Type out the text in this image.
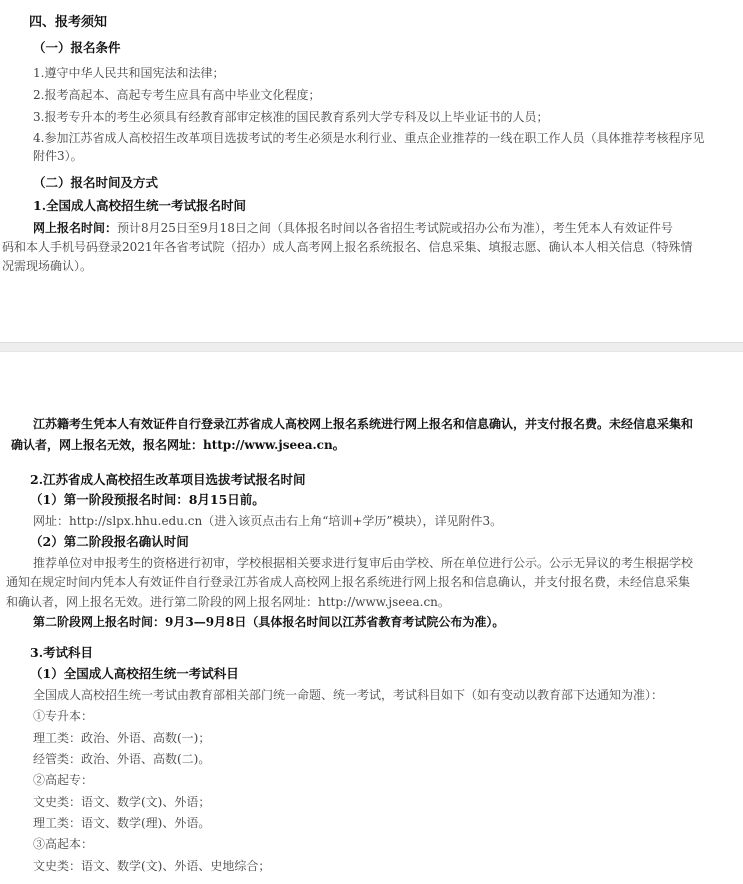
四、报考须知
（一）报名条件
1.遵守中华人民共和国宪法和法律；
2.报考高起本、高起专考生应具有高中毕业文化程度；
3.报考专升本的考生必须具有经教育部审定核准的国民教育系列大学专科及以上毕业证书的人员；
4.参加江苏省成人高校招生改革项目选拔考试的考生必须是水利行业、重点企业推荐的一线在职工作人员（具体推荐考核程序见
附件3）。
（二）报名时间及方式
1.全国成人高校招生统一考试报名时间
网上报名时间：预计8月25日至9月18日之间（具体报名时间以各省招生考试院或招办公布为准），考生凭本人有效证件号
码和本人手机号码登录2021年各省考试院（招办）成人高考网上报名系统报名、信息采集、填报志愿、确认本人相关信息（特殊情
况需现场确认）。
江苏籍考生凭本人有效证件自行登录江苏省成人高校网上报名系统进行网上报名和信息确认，并支付报名费。未经信息采集和
确认者，网上报名无效，报名网址：http://www.jseea.cn。
2.江苏省成人高校招生改革项目选拔考试报名时间
（1）第一阶段预报名时间：8月15日前。
网址：http://slpx.hhu.edu.cn（进入该页点击右上角“培训+学历”模块），详见附件3。
（2）第二阶段报名确认时间
推荐单位对申报考生的资格进行初审，学校根据相关要求进行复审后由学校、所在单位进行公示。公示无异议的考生根据学校
通知在规定时间内凭本人有效证件自行登录江苏省成人高校网上报名系统进行网上报名和信息确认，并支付报名费，未经信息采集
和确认者，网上报名无效。进行第二阶段的网上报名网址：http://www.jseea.cn。
第二阶段网上报名时间：9月3—9月8日（具体报名时间以江苏省教育考试院公布为准）。
3.考试科目
（1）全国成人高校招生统一考试科目
全国成人高校招生统一考试由教育部相关部门统一命题、统一考试，考试科目如下（如有变动以教育部下达通知为准）：
①专升本：
理工类：政治、外语、高数(一)；
经管类：政治、外语、高数(二)。
②高起专：
文史类：语文、数学(文)、外语；
理工类：语文、数学(理)、外语。
③高起本：
文史类：语文、数学(文)、外语、史地综合；
